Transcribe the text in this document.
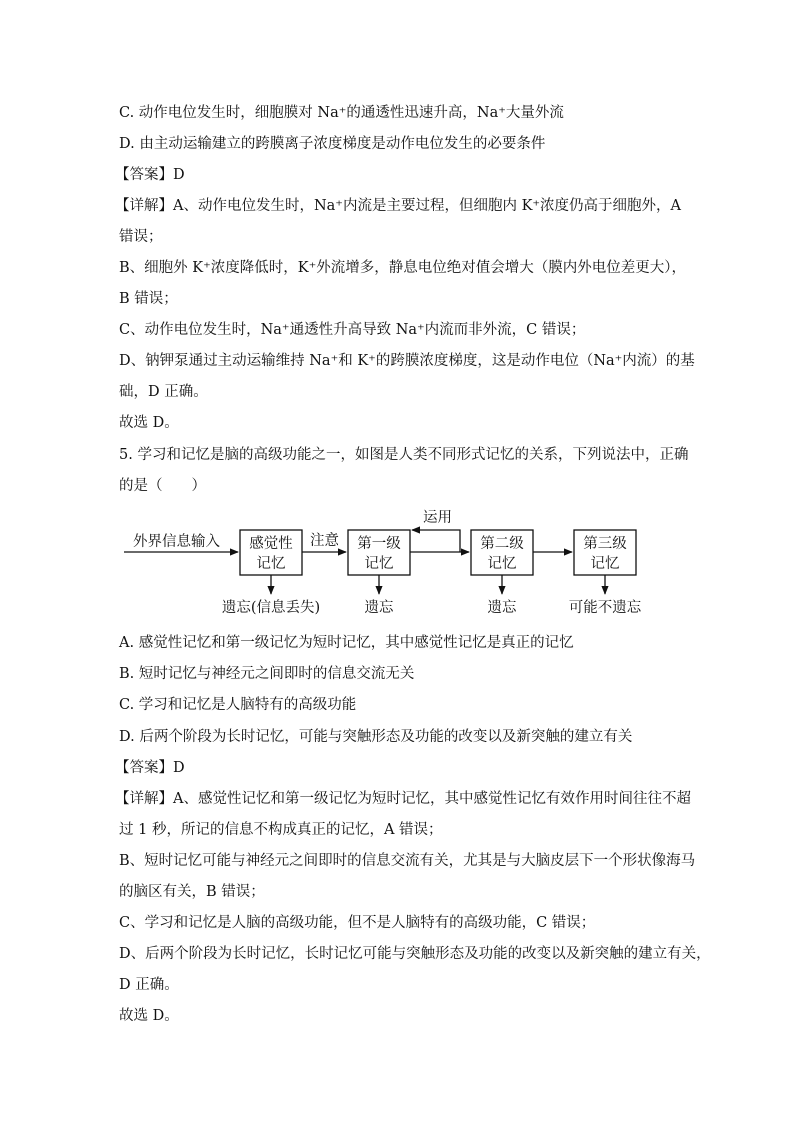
C. 动作电位发生时，细胞膜对 Na⁺的通透性迅速升高，Na⁺大量外流
D. 由主动运输建立的跨膜离子浓度梯度是动作电位发生的必要条件
【答案】D
【详解】A、动作电位发生时，Na⁺内流是主要过程，但细胞内 K⁺浓度仍高于细胞外，A
错误；
B、细胞外 K⁺浓度降低时，K⁺外流增多，静息电位绝对值会增大（膜内外电位差更大），
B 错误；
C、动作电位发生时，Na⁺通透性升高导致 Na⁺内流而非外流，C 错误；
D、钠钾泵通过主动运输维持 Na⁺和 K⁺的跨膜浓度梯度，这是动作电位（Na⁺内流）的基
础，D 正确。
故选 D。
5. 学习和记忆是脑的高级功能之一，如图是人类不同形式记忆的关系，下列说法中，正确
的是（　　）
外界信息输入 感觉性
记忆
注意 第一级
记忆
运用
第二级
记忆
第三级
记忆
遗忘(信息丢失)	遗忘	遗忘	可能不遗忘
A. 感觉性记忆和第一级记忆为短时记忆，其中感觉性记忆是真正的记忆
B. 短时记忆与神经元之间即时的信息交流无关
C. 学习和记忆是人脑特有的高级功能
D. 后两个阶段为长时记忆，可能与突触形态及功能的改变以及新突触的建立有关
【答案】D
【详解】A、感觉性记忆和第一级记忆为短时记忆，其中感觉性记忆有效作用时间往往不超
过 1 秒，所记的信息不构成真正的记忆，A 错误；
B、短时记忆可能与神经元之间即时的信息交流有关，尤其是与大脑皮层下一个形状像海马
的脑区有关，B 错误；
C、学习和记忆是人脑的高级功能，但不是人脑特有的高级功能，C 错误；
D、后两个阶段为长时记忆，长时记忆可能与突触形态及功能的改变以及新突触的建立有关，
D 正确。
故选 D。
